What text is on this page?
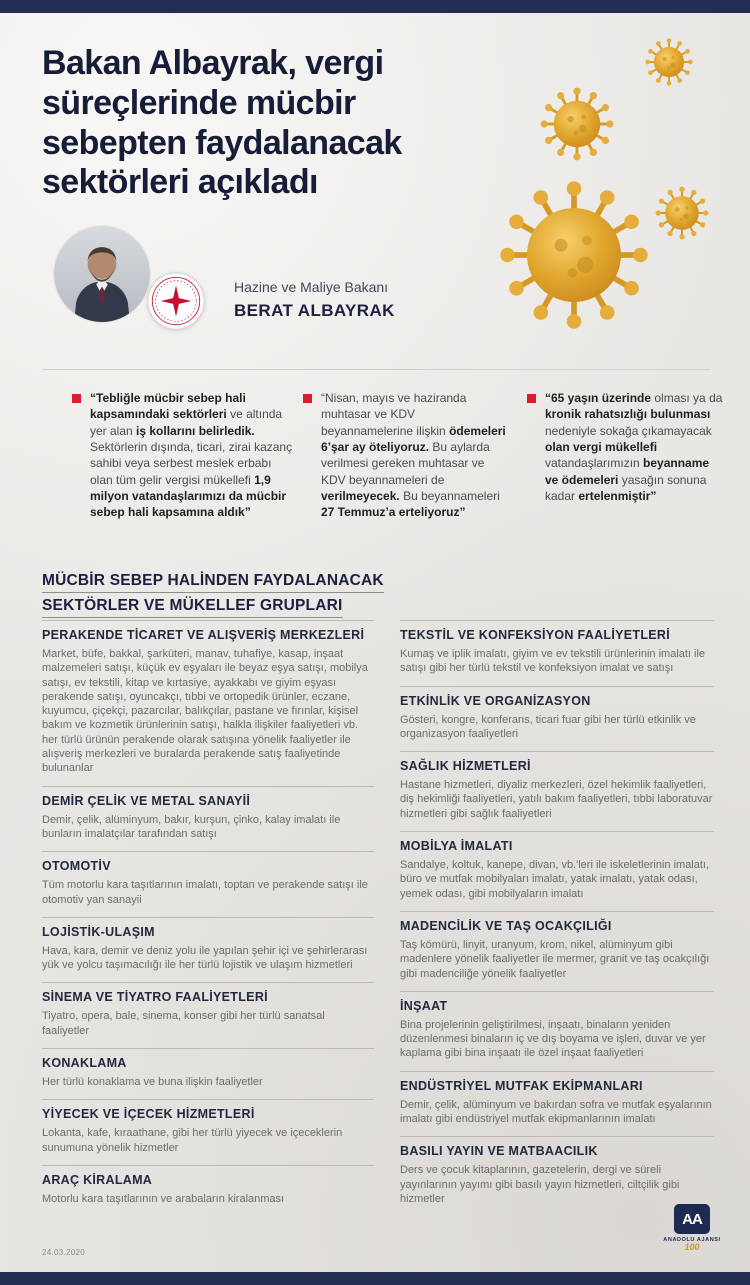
Bakan Albayrak, vergi
süreçlerinde mücbir
sebepten faydalanacak
sektörleri açıkladı
Hazine ve Maliye Bakanı
BERAT ALBAYRAK

“Tebliğle mücbir sebep hali kapsamındaki sektörleri ve altında yer alan iş kollarını belirledik. Sektörlerin dışında, ticari, zirai kazanç sahibi veya serbest meslek erbabı olan tüm gelir vergisi mükellefi 1,9 milyon vatandaşlarımızı da mücbir sebep hali kapsamına aldık”

“Nisan, mayıs ve haziranda muhtasar ve KDV beyannamelerine ilişkin ödemeleri 6’şar ay öteliyoruz. Bu aylarda verilmesi gereken muhtasar ve KDV beyannameleri de verilmeyecek. Bu beyannameleri 27 Temmuz’a erteliyoruz”

“65 yaşın üzerinde olması ya da kronik rahatsızlığı bulunması nedeniyle sokağa çıkamayacak olan vergi mükellefi vatandaşlarımızın beyanname ve ödemeleri yasağın sonuna kadar ertelenmiştir”

MÜCBİR SEBEP HALİNDEN FAYDALANACAK
SEKTÖRLER VE MÜKELLEF GRUPLARI
PERAKENDE TİCARET VE ALIŞVERİŞ MERKEZLERİ

Market, büfe, bakkal, şarküteri, manav, tuhafiye, kasap, inşaat malzemeleri satışı, küçük ev eşyaları ile beyaz eşya satışı, mobilya satışı, ev tekstili, kitap ve kırtasiye, ayakkabı ve giyim eşyası perakende satışı, oyuncakçı, tıbbi ve ortopedik ürünler, eczane, kuyumcu, çiçekçi, pazarcılar, balıkçılar, pastane ve fırınlar, kişisel bakım ve kozmetik ürünlerinin satışı, halkla ilişkiler faaliyetleri vb. her türlü ürünün perakende olarak satışına yönelik faaliyetler ile alışveriş merkezleri ve buralarda perakende satış faaliyetinde bulunanlar

DEMİR ÇELİK VE METAL SANAYİİ

Demir, çelik, alüminyum, bakır, kurşun, çinko, kalay imalatı ile bunların imalatçılar tarafından satışı

OTOMOTİV

Tüm motorlu kara taşıtlarının imalatı, toptan ve perakende satışı ile otomotiv yan sanayii

LOJİSTİK-ULAŞIM

Hava, kara, demir ve deniz yolu ile yapılan şehir içi ve şehirlerarası yük ve yolcu taşımacılığı ile her türlü lojistik ve ulaşım hizmetleri

SİNEMA VE TİYATRO FAALİYETLERİ

Tiyatro, opera, bale, sinema, konser gibi her türlü sanatsal faaliyetler

KONAKLAMA

Her türlü konaklama ve buna ilişkin faaliyetler

YİYECEK VE İÇECEK HİZMETLERİ

Lokanta, kafe, kıraathane, gibi her türlü yiyecek ve içeceklerin sunumuna yönelik hizmetler

ARAÇ KİRALAMA

Motorlu kara taşıtlarının ve arabaların kiralanması

TEKSTİL VE KONFEKSİYON FAALİYETLERİ

Kumaş ve iplik imalatı, giyim ve ev tekstili ürünlerinin imalatı ile satışı gibi her türlü tekstil ve konfeksiyon imalat ve satışı

ETKİNLİK VE ORGANİZASYON

Gösteri, kongre, konferans, ticari fuar gibi her türlü etkinlik ve organizasyon faaliyetleri

SAĞLIK HİZMETLERİ

Hastane hizmetleri, diyaliz merkezleri, özel hekimlik faaliyetleri, diş hekimliği faaliyetleri, yatılı bakım faaliyetleri, tıbbi laboratuvar hizmetleri gibi sağlık faaliyetleri

MOBİLYA İMALATI

Sandalye, koltuk, kanepe, divan, vb.'leri ile iskeletlerinin imalatı, büro ve mutfak mobilyaları imalatı, yatak imalatı, yatak odası, yemek odası, gibi mobilyaların imalatı

MADENCİLİK VE TAŞ OCAKÇILIĞI

Taş kömürü, linyit, uranyum, krom, nikel, alüminyum gibi madenlere yönelik faaliyetler ile mermer, granit ve taş ocakçılığı gibi madenciliğe yönelik faaliyetler

İNŞAAT

Bina projelerinin geliştirilmesi, inşaatı, binaların yeniden düzenlenmesi binaların iç ve dış boyama ve işleri, duvar ve yer kaplama gibi bina inşaatı ile özel inşaat faaliyetleri

ENDÜSTRİYEL MUTFAK EKİPMANLARI

Demir, çelik, alüminyum ve bakırdan sofra ve mutfak eşyalarının imalatı gibi endüstriyel mutfak ekipmanlarının imalatı

BASILI YAYIN VE MATBAACILIK

Ders ve çocuk kitaplarının, gazetelerin, dergi ve süreli yayınlarının yayımı gibi basılı yayın hizmetleri, ciltçilik gibi hizmetler

24.03.2020
AA
ANADOLU AJANSI
100
